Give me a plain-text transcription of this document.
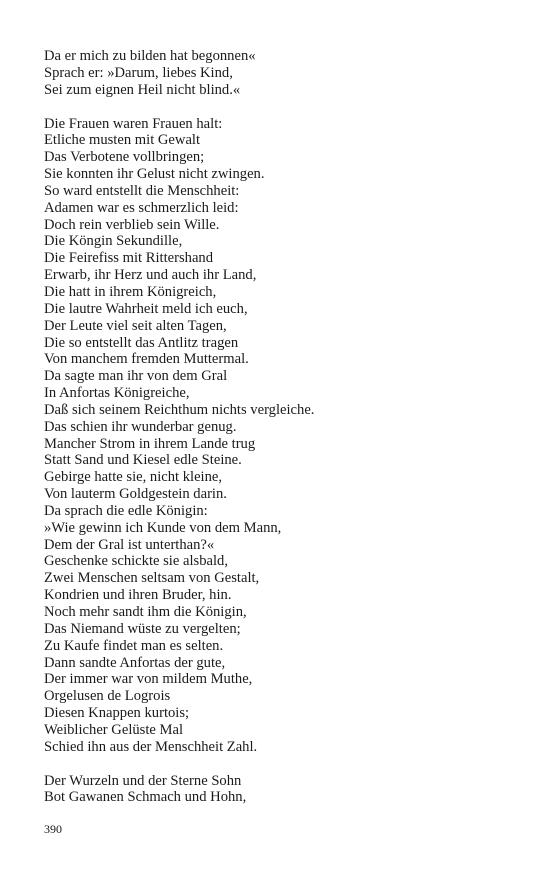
Da er mich zu bilden hat begonnen«
Sprach er: »Darum, liebes Kind,
Sei zum eignen Heil nicht blind.«
Die Frauen waren Frauen halt:
Etliche musten mit Gewalt
Das Verbotene vollbringen;
Sie konnten ihr Gelust nicht zwingen.
So ward entstellt die Menschheit:
Adamen war es schmerzlich leid:
Doch rein verblieb sein Wille.
Die Köngin Sekundille,
Die Feirefiss mit Rittershand
Erwarb, ihr Herz und auch ihr Land,
Die hatt in ihrem Königreich,
Die lautre Wahrheit meld ich euch,
Der Leute viel seit alten Tagen,
Die so entstellt das Antlitz tragen
Von manchem fremden Muttermal.
Da sagte man ihr von dem Gral
In Anfortas Königreiche,
Daß sich seinem Reichthum nichts vergleiche.
Das schien ihr wunderbar genug.
Mancher Strom in ihrem Lande trug
Statt Sand und Kiesel edle Steine.
Gebirge hatte sie, nicht kleine,
Von lauterm Goldgestein darin.
Da sprach die edle Königin:
»Wie gewinn ich Kunde von dem Mann,
Dem der Gral ist unterthan?«
Geschenke schickte sie alsbald,
Zwei Menschen seltsam von Gestalt,
Kondrien und ihren Bruder, hin.
Noch mehr sandt ihm die Königin,
Das Niemand wüste zu vergelten;
Zu Kaufe findet man es selten.
Dann sandte Anfortas der gute,
Der immer war von mildem Muthe,
Orgelusen de Logrois
Diesen Knappen kurtois;
Weiblicher Gelüste Mal
Schied ihn aus der Menschheit Zahl.
Der Wurzeln und der Sterne Sohn
Bot Gawanen Schmach und Hohn,
390
